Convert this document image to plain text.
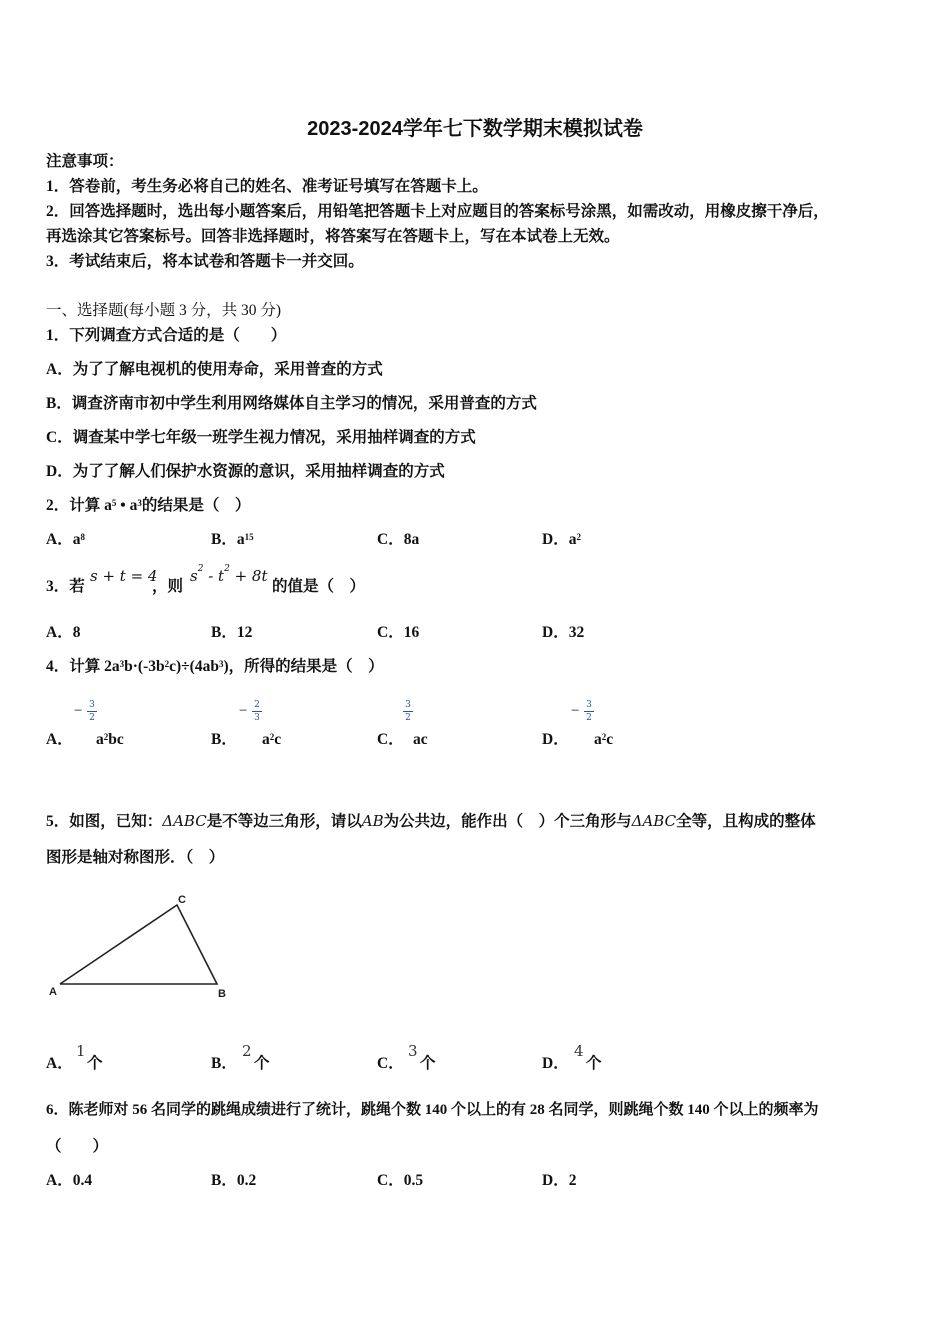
2023-2024学年七下数学期末模拟试卷
注意事项：
1．答卷前，考生务必将自己的姓名、准考证号填写在答题卡上。
2．回答选择题时，选出每小题答案后，用铅笔把答题卡上对应题目的答案标号涂黑，如需改动，用橡皮擦干净后，
再选涂其它答案标号。回答非选择题时，将答案写在答题卡上，写在本试卷上无效。
3．考试结束后，将本试卷和答题卡一并交回。
一、选择题(每小题 3 分，共 30 分)
1．下列调查方式合适的是（　　）
A．为了了解电视机的使用寿命，采用普查的方式
B．调查济南市初中学生利用网络媒体自主学习的情况，采用普查的方式
C．调查某中学七年级一班学生视力情况，采用抽样调查的方式
D．为了了解人们保护水资源的意识，采用抽样调查的方式
2．计算 $a^5$ • $a^3$的结果是（　）
A．$a^8$	B．$a^{15}$	C．8a	D．$a^2$
3．若
s + t = 4
，则
$s^2 - t^2 + 8t$
的值是（　）
A．8	B．12	C．16	D．32
4．计算 $2a^3b\cdot(-3b^2c)\div(4ab^3)$，所得的结果是（　）
− 3
2
A． $a^2bc$
− 2
3
B． $a^2c$
3
2
C． ac
− 3
2
D． $a^2c$
5．如图，已知：ΔABC是不等边三角形，请以AB为公共边，能作出（　）个三角形与ΔABC全等，且构成的整体
图形是轴对称图形．（　）
A	B
C
A．
1
个	B．
2
个	C．
3
个	D．
4
个
6．陈老师对 56 名同学的跳绳成绩进行了统计，跳绳个数 140 个以上的有 28 名同学，则跳绳个数 140 个以上的频率为
（　　）
A．0.4	B．0.2	C．0.5	D．2
